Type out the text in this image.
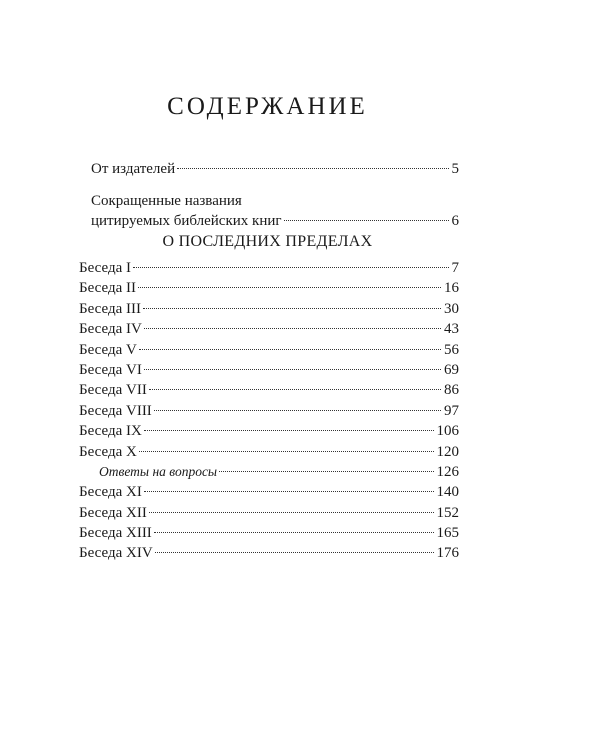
СОДЕРЖАНИЕ
От издателей	5
Сокращенные названия
цитируемых библейских книг	6
О ПОСЛЕДНИХ ПРЕДЕЛАХ
Беседа I	7
Беседа II	16
Беседа III	30
Беседа IV	43
Беседа V	56
Беседа VI	69
Беседа VII	86
Беседа VIII	97
Беседа IX	106
Беседа X	120
Ответы на вопросы	126
Беседа XI	140
Беседа XII	152
Беседа XIII	165
Беседа XIV	176
